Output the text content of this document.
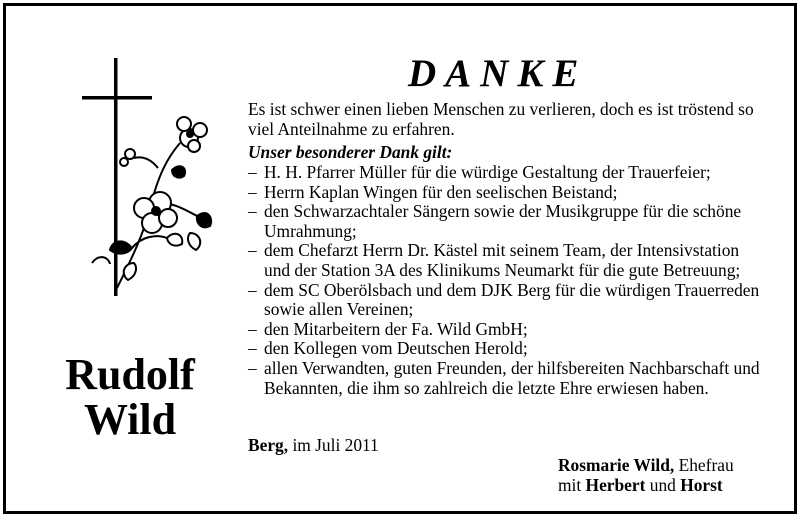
Rudolf
Wild
DANKE
Es ist schwer einen lieben Menschen zu verlieren, doch es ist tröstend so viel Anteilnahme zu erfahren.
Unser besonderer Dank gilt:
– H. H. Pfarrer Müller für die würdige Gestaltung der Trauerfeier;
– Herrn Kaplan Wingen für den seelischen Beistand;
– den Schwarzachtaler Sängern sowie der Musikgruppe für die schöne Umrahmung;
– dem Chefarzt Herrn Dr. Kästel mit seinem Team, der Intensivstation und der Station 3A des Klinikums Neumarkt für die gute Betreuung;
– dem SC Oberölsbach und dem DJK Berg für die würdigen Trauerreden sowie allen Vereinen;
– den Mitarbeitern der Fa. Wild GmbH;
– den Kollegen vom Deutschen Herold;
– allen Verwandten, guten Freunden, der hilfsbereiten Nachbarschaft und Bekannten, die ihm so zahlreich die letzte Ehre erwiesen haben.
Berg, im Juli 2011
Rosmarie Wild, Ehefrau
mit Herbert und Horst
